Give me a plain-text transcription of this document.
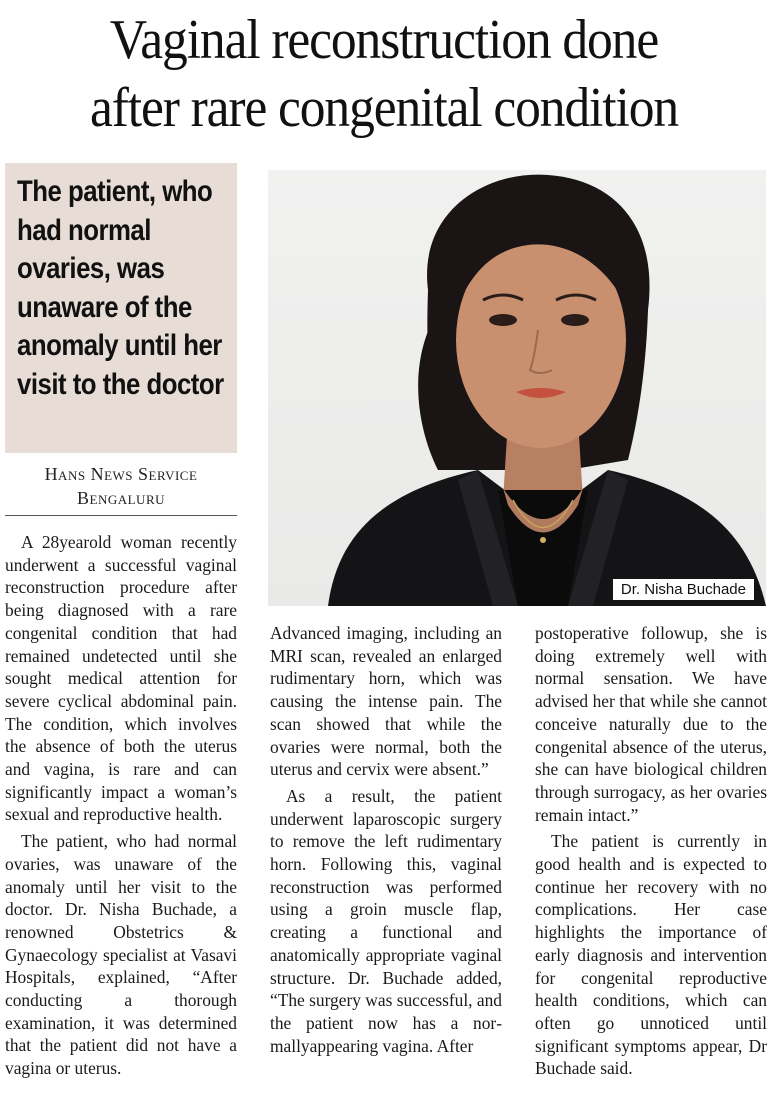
Vaginal reconstruction done
after rare congenital condition
The patient, who had normal ovaries, was unaware of the anomaly until her visit to the doctor
Hans News Service
Bengaluru
Dr. Nisha Buchade

A 28yearold woman recently underwent a successful vaginal reconstruction procedure after being diagnosed with a rare congenital condition that had remained undetected until she sought medical attention for severe cyclical abdominal pain. The condition, which involves the absence of both the uterus and vagina, is rare and can significantly impact a woman’s sexual and reproductive health.

The patient, who had normal ovaries, was unaware of the anomaly until her visit to the doctor. Dr. Nisha Buchade, a renowned Obstetrics & Gynaecology specialist at Vasavi Hospitals, explained, “After conducting a thorough examination, it was determined that the patient did not have a vagina or uterus.

Advanced imaging, including an MRI scan, revealed an enlarged rudimentary horn, which was causing the intense pain. The scan showed that while the ovaries were normal, both the uterus and cervix were absent.”

As a result, the patient underwent laparoscopic surgery to remove the left rudimentary horn. Following this, vaginal reconstruction was performed using a groin muscle flap, creating a functional and anatomically appropriate vaginal structure. Dr. Buchade added, “The surgery was successful, and the patient now has a normallyappearing vagina. After

postoperative followup, she is doing extremely well with normal sensation. We have advised her that while she cannot conceive naturally due to the congenital absence of the uterus, she can have biological children through surrogacy, as her ovaries remain intact.”

The patient is currently in good health and is expected to continue her recovery with no complications. Her case highlights the importance of early diagnosis and intervention for congenital reproductive health conditions, which can often go unnoticed until significant symptoms appear, Dr Buchade said.
